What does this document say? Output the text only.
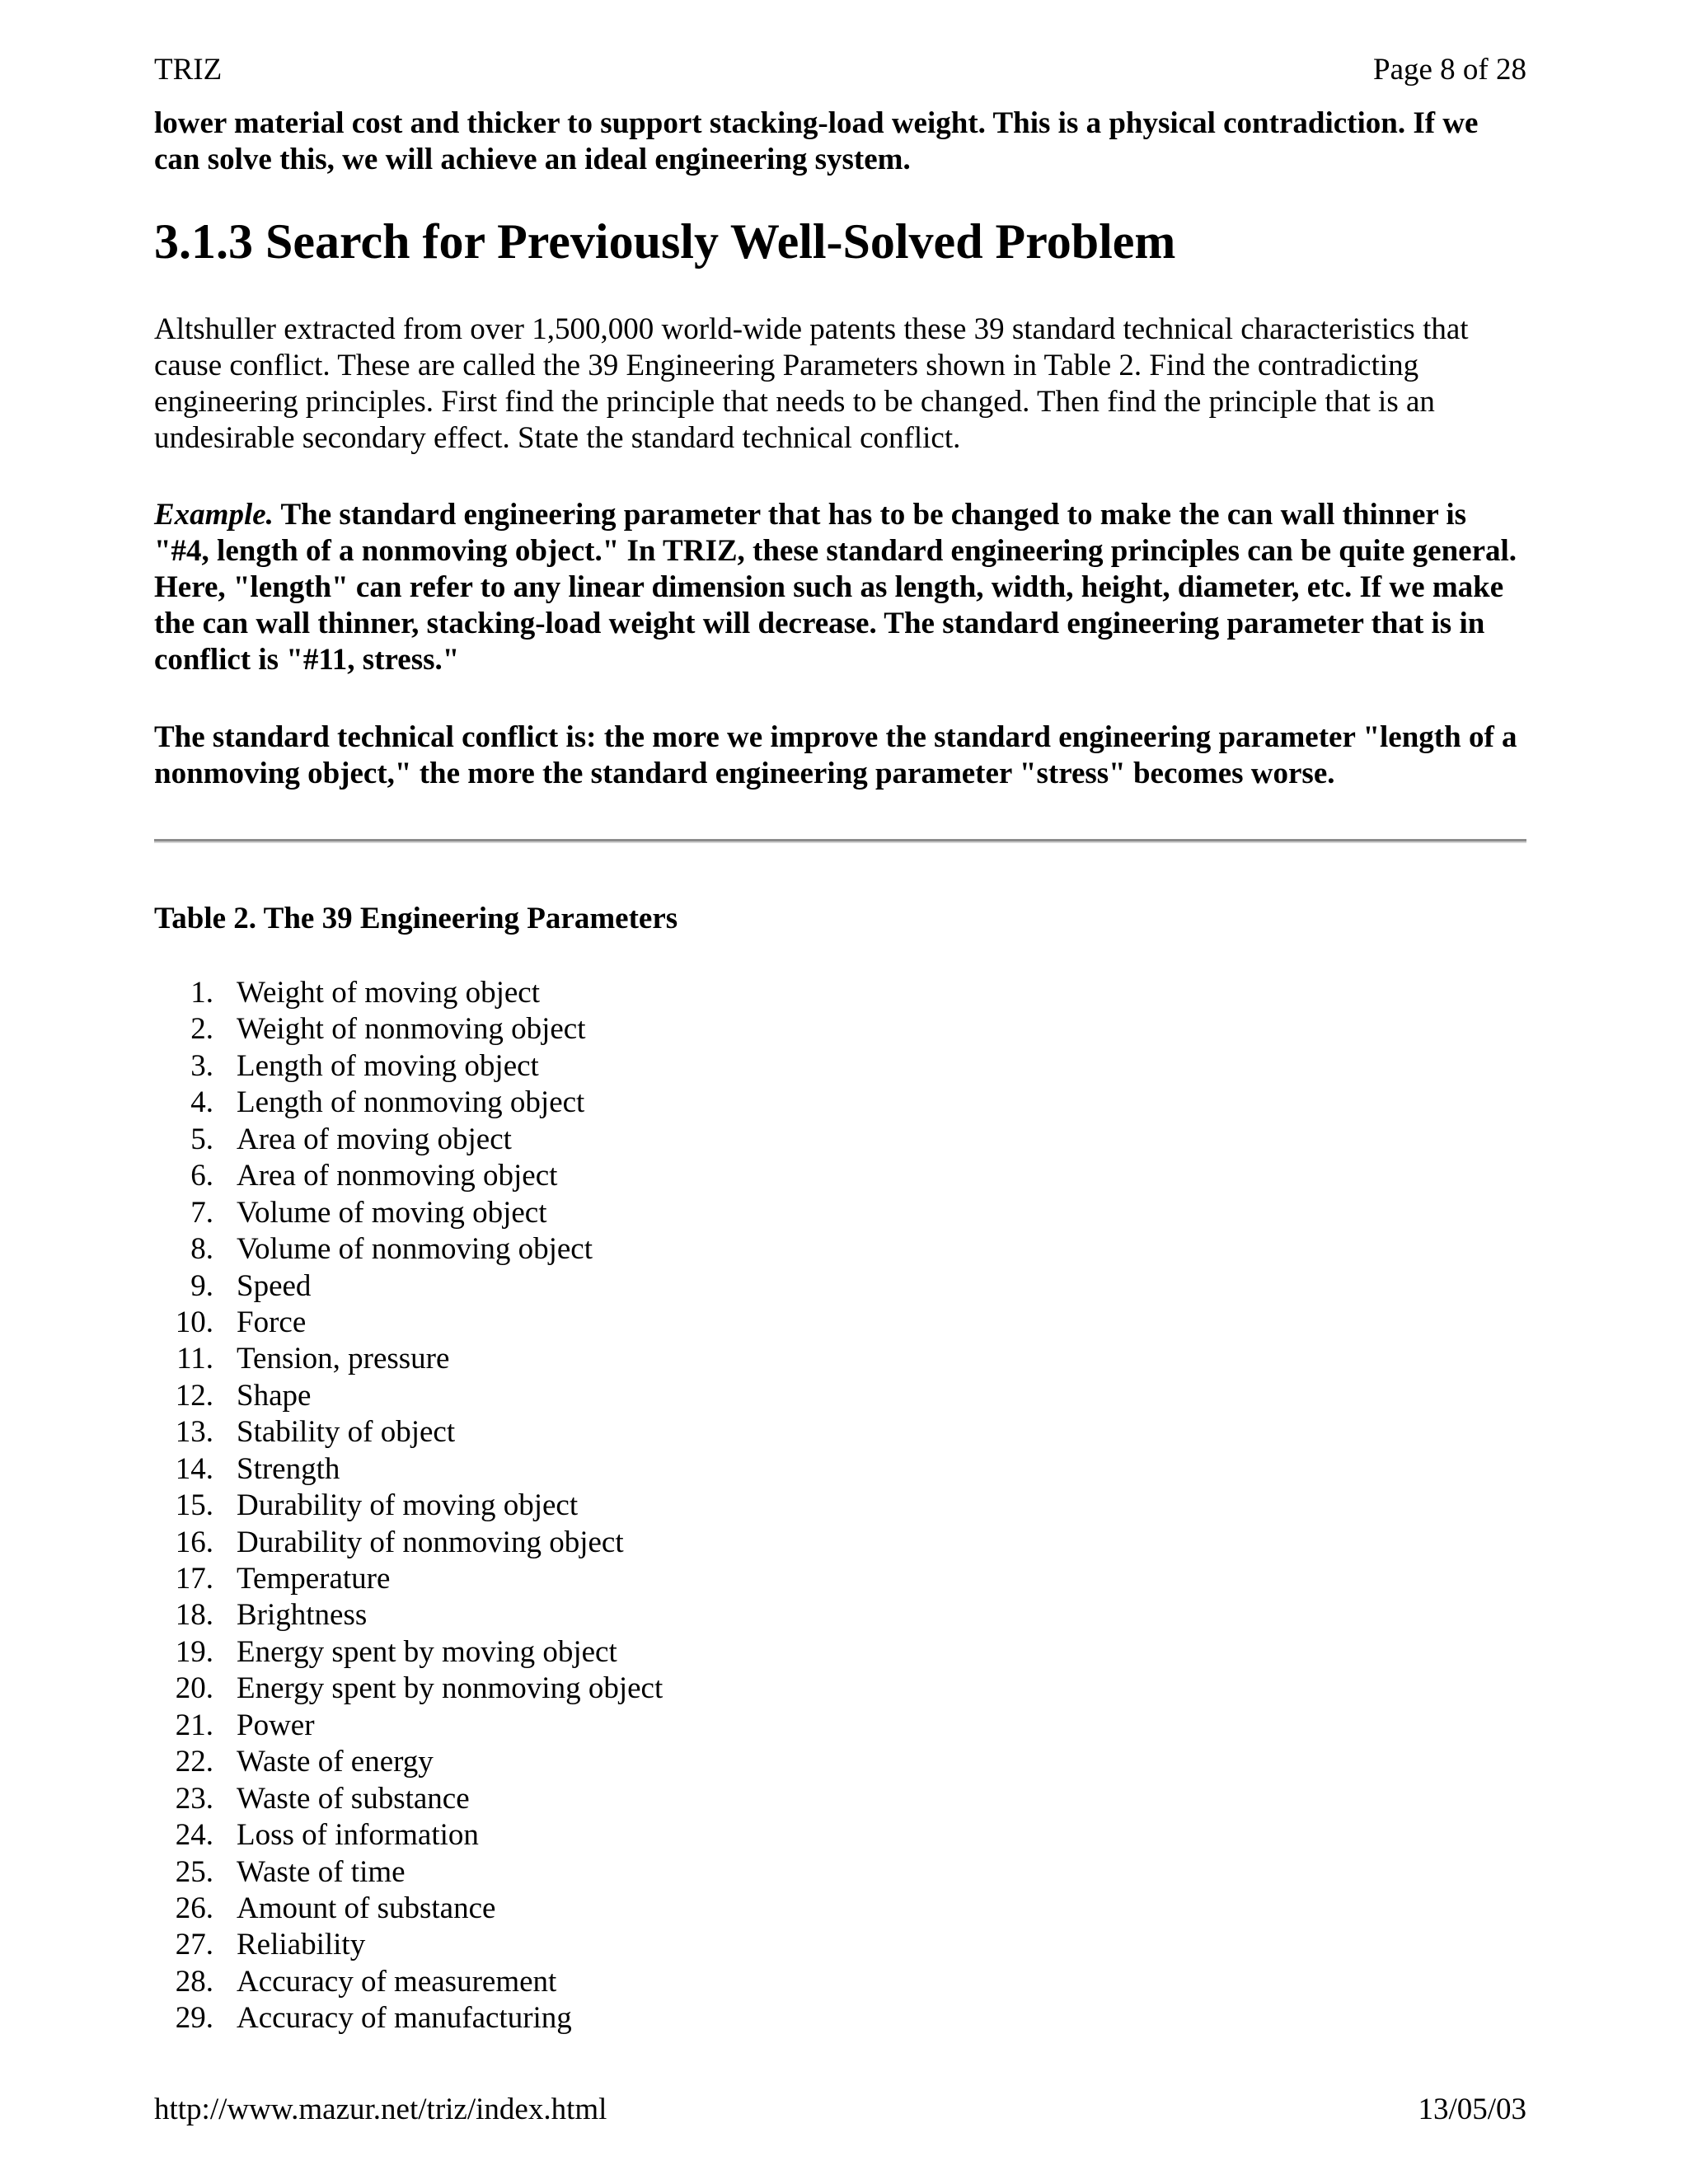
TRIZ	Page 8 of 28

lower material cost and thicker to support stacking-load weight. This is a physical contradiction. If we can solve this, we will achieve an ideal engineering system.

3.1.3 Search for Previously Well-Solved Problem

Altshuller extracted from over 1,500,000 world-wide patents these 39 standard technical characteristics that cause conflict. These are called the 39 Engineering Parameters shown in Table 2. Find the contradicting engineering principles. First find the principle that needs to be changed. Then find the principle that is an undesirable secondary effect. State the standard technical conflict.

Example. The standard engineering parameter that has to be changed to make the can wall thinner is "#4, length of a nonmoving object." In TRIZ, these standard engineering principles can be quite general. Here, "length" can refer to any linear dimension such as length, width, height, diameter, etc. If we make the can wall thinner, stacking-load weight will decrease. The standard engineering parameter that is in conflict is "#11, stress."

The standard technical conflict is: the more we improve the standard engineering parameter "length of a nonmoving object," the more the standard engineering parameter "stress" becomes worse.

Table 2. The 39 Engineering Parameters

1. Weight of moving object
2. Weight of nonmoving object
3. Length of moving object
4. Length of nonmoving object
5. Area of moving object
6. Area of nonmoving object
7. Volume of moving object
8. Volume of nonmoving object
9. Speed
10. Force
11. Tension, pressure
12. Shape
13. Stability of object
14. Strength
15. Durability of moving object
16. Durability of nonmoving object
17. Temperature
18. Brightness
19. Energy spent by moving object
20. Energy spent by nonmoving object
21. Power
22. Waste of energy
23. Waste of substance
24. Loss of information
25. Waste of time
26. Amount of substance
27. Reliability
28. Accuracy of measurement
29. Accuracy of manufacturing
http://www.mazur.net/triz/index.html	13/05/03
